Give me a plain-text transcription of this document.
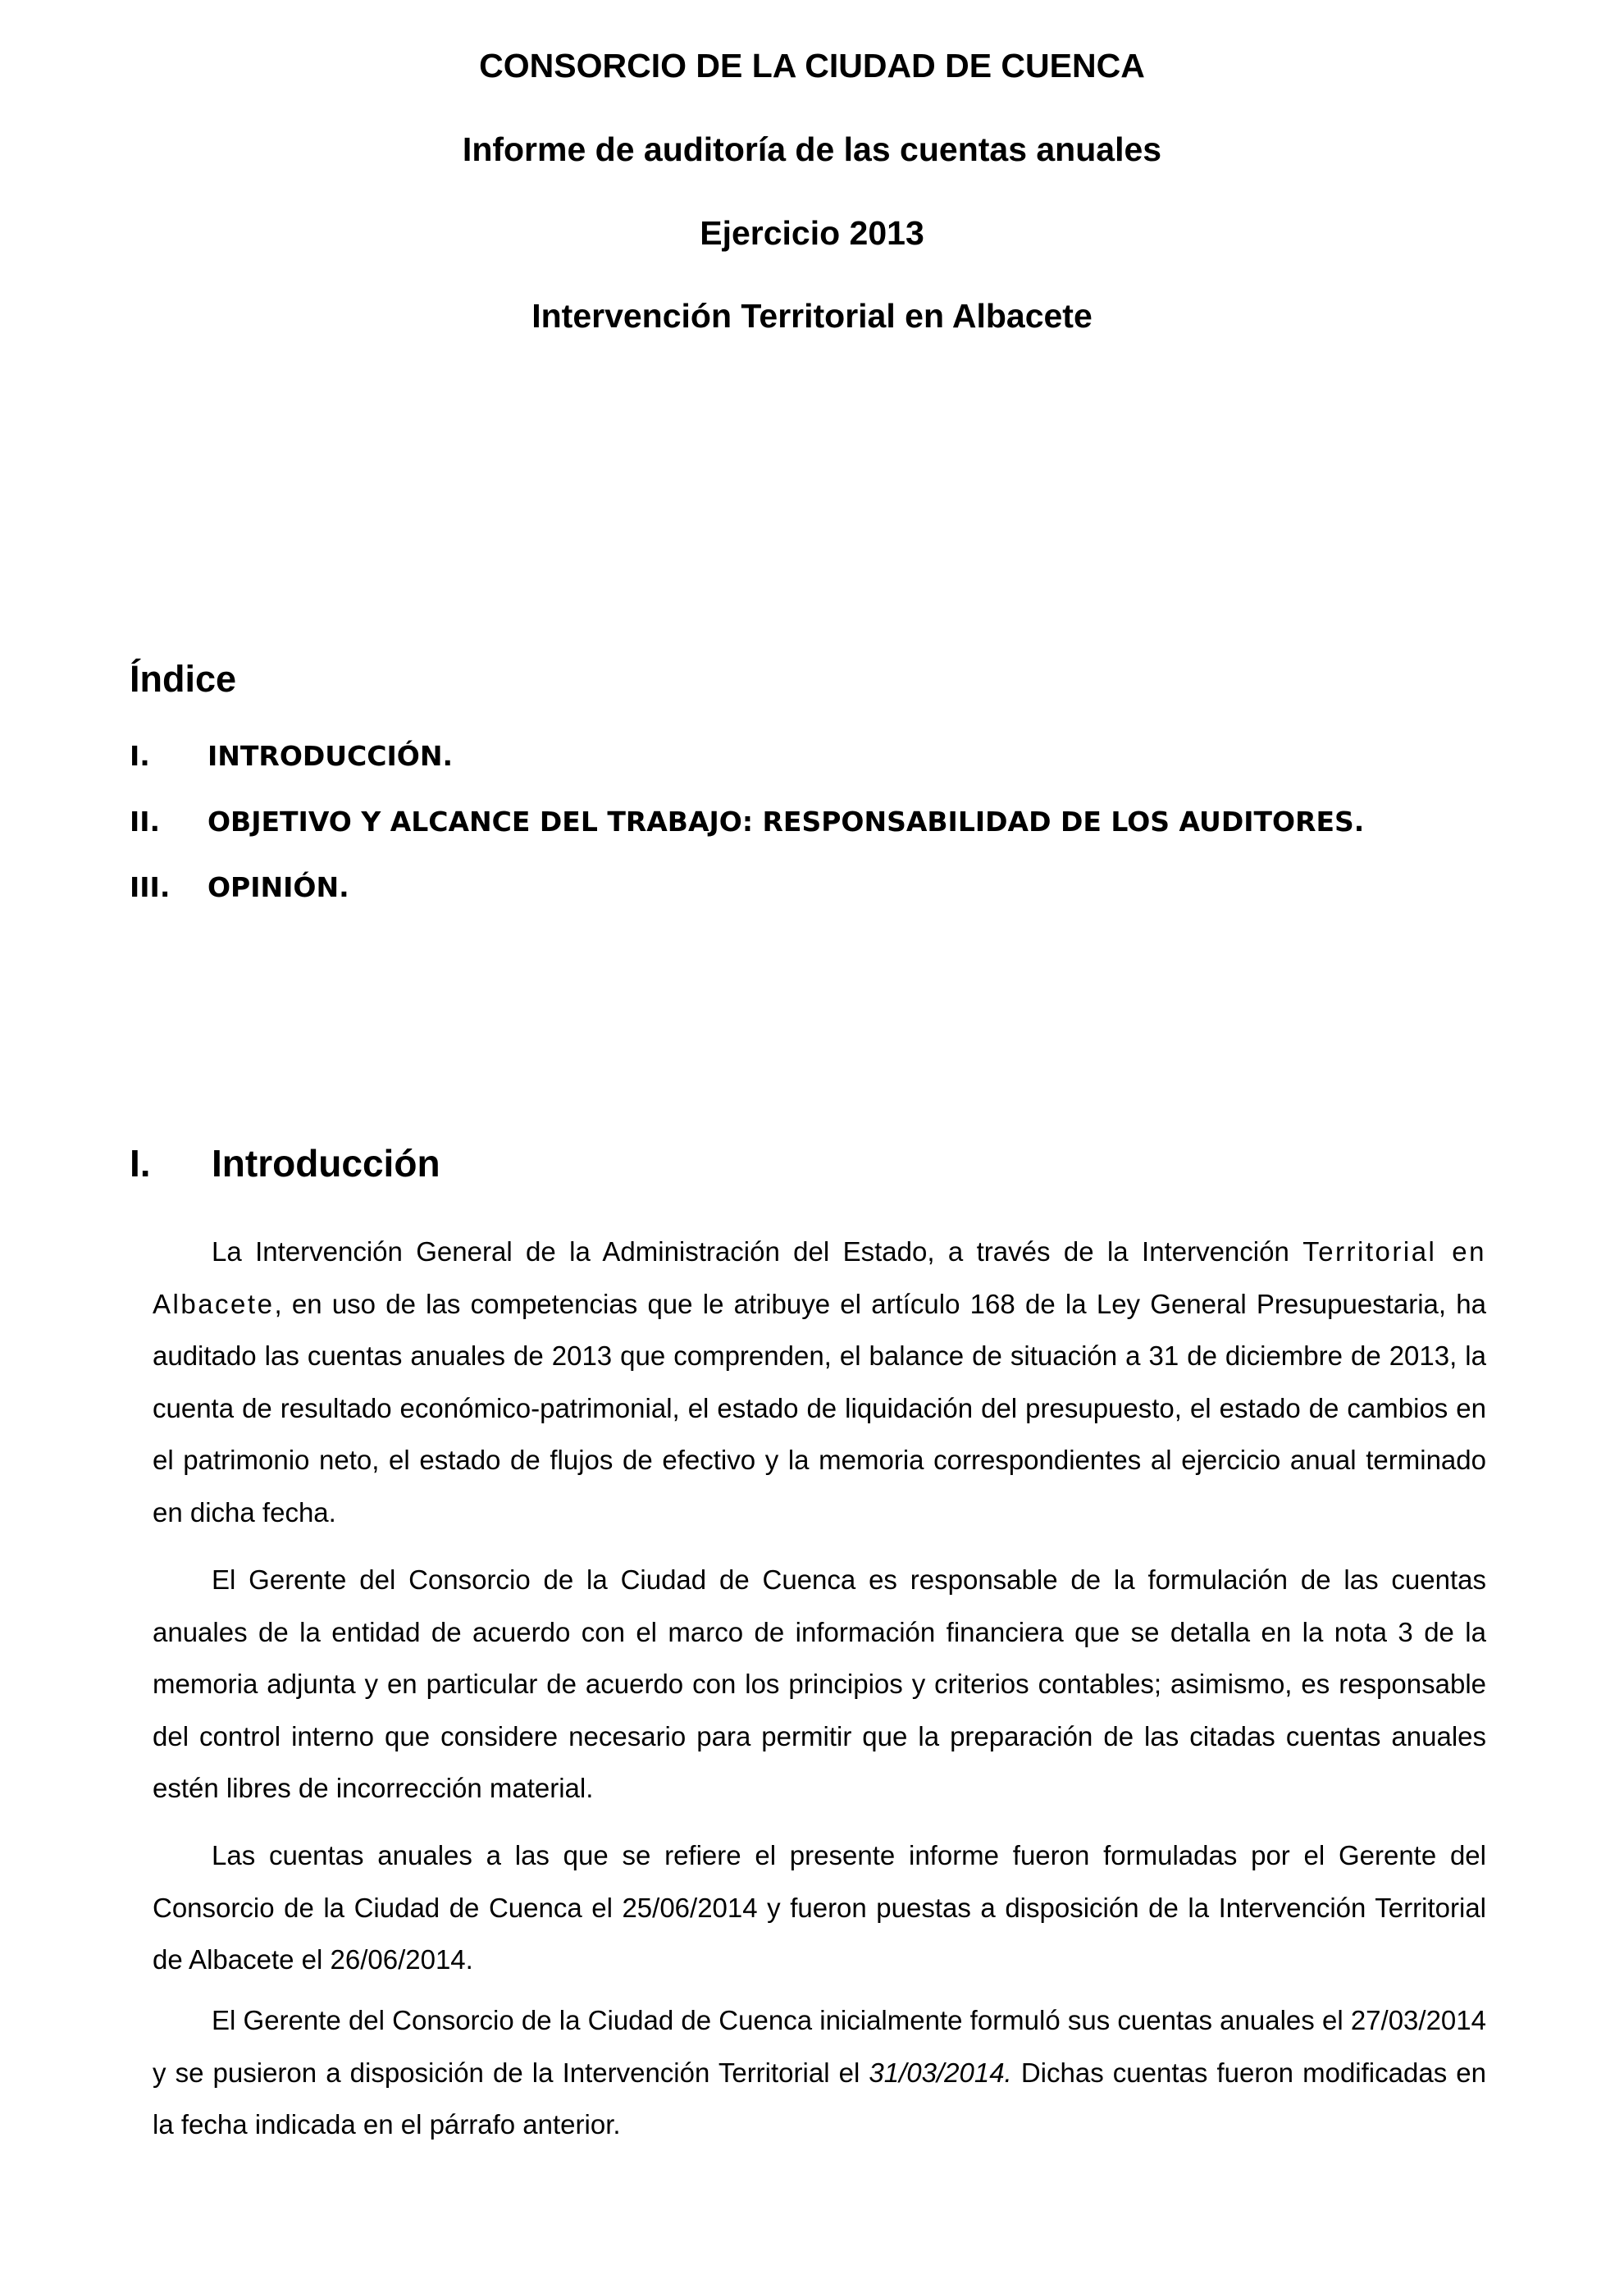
CONSORCIO DE LA CIUDAD DE CUENCA
Informe de auditoría de las cuentas anuales
Ejercicio 2013
Intervención Territorial en Albacete
Índice
I. INTRODUCCIÓN.
II. OBJETIVO Y ALCANCE DEL TRABAJO: RESPONSABILIDAD DE LOS AUDITORES.
III. OPINIÓN.
I. Introducción

La Intervención General de la Administración del Estado, a través de la Intervención Territorial en Albacete, en uso de las competencias que le atribuye el artículo 168 de la Ley General Presupuestaria, ha auditado las cuentas anuales de 2013 que comprenden, el balance de situación a 31 de diciembre de 2013, la cuenta de resultado económico-patrimonial, el estado de liquidación del presupuesto, el estado de cambios en el patrimonio neto, el estado de flujos de efectivo y la memoria correspondientes al ejercicio anual terminado en dicha fecha.

El Gerente del Consorcio de la Ciudad de Cuenca es responsable de la formulación de las cuentas anuales de la entidad de acuerdo con el marco de información financiera que se detalla en la nota 3 de la memoria adjunta y en particular de acuerdo con los principios y criterios contables; asimismo, es responsable del control interno que considere necesario para permitir que la preparación de las citadas cuentas anuales estén libres de incorrección material.

Las cuentas anuales a las que se refiere el presente informe fueron formuladas por el Gerente del Consorcio de la Ciudad de Cuenca el 25/06/2014 y fueron puestas a disposición de la Intervención Territorial de Albacete el 26/06/2014.

El Gerente del Consorcio de la Ciudad de Cuenca inicialmente formuló sus cuentas anuales el 27/03/2014 y se pusieron a disposición de la Intervención Territorial el 31/03/2014. Dichas cuentas fueron modificadas en la fecha indicada en el párrafo anterior.
